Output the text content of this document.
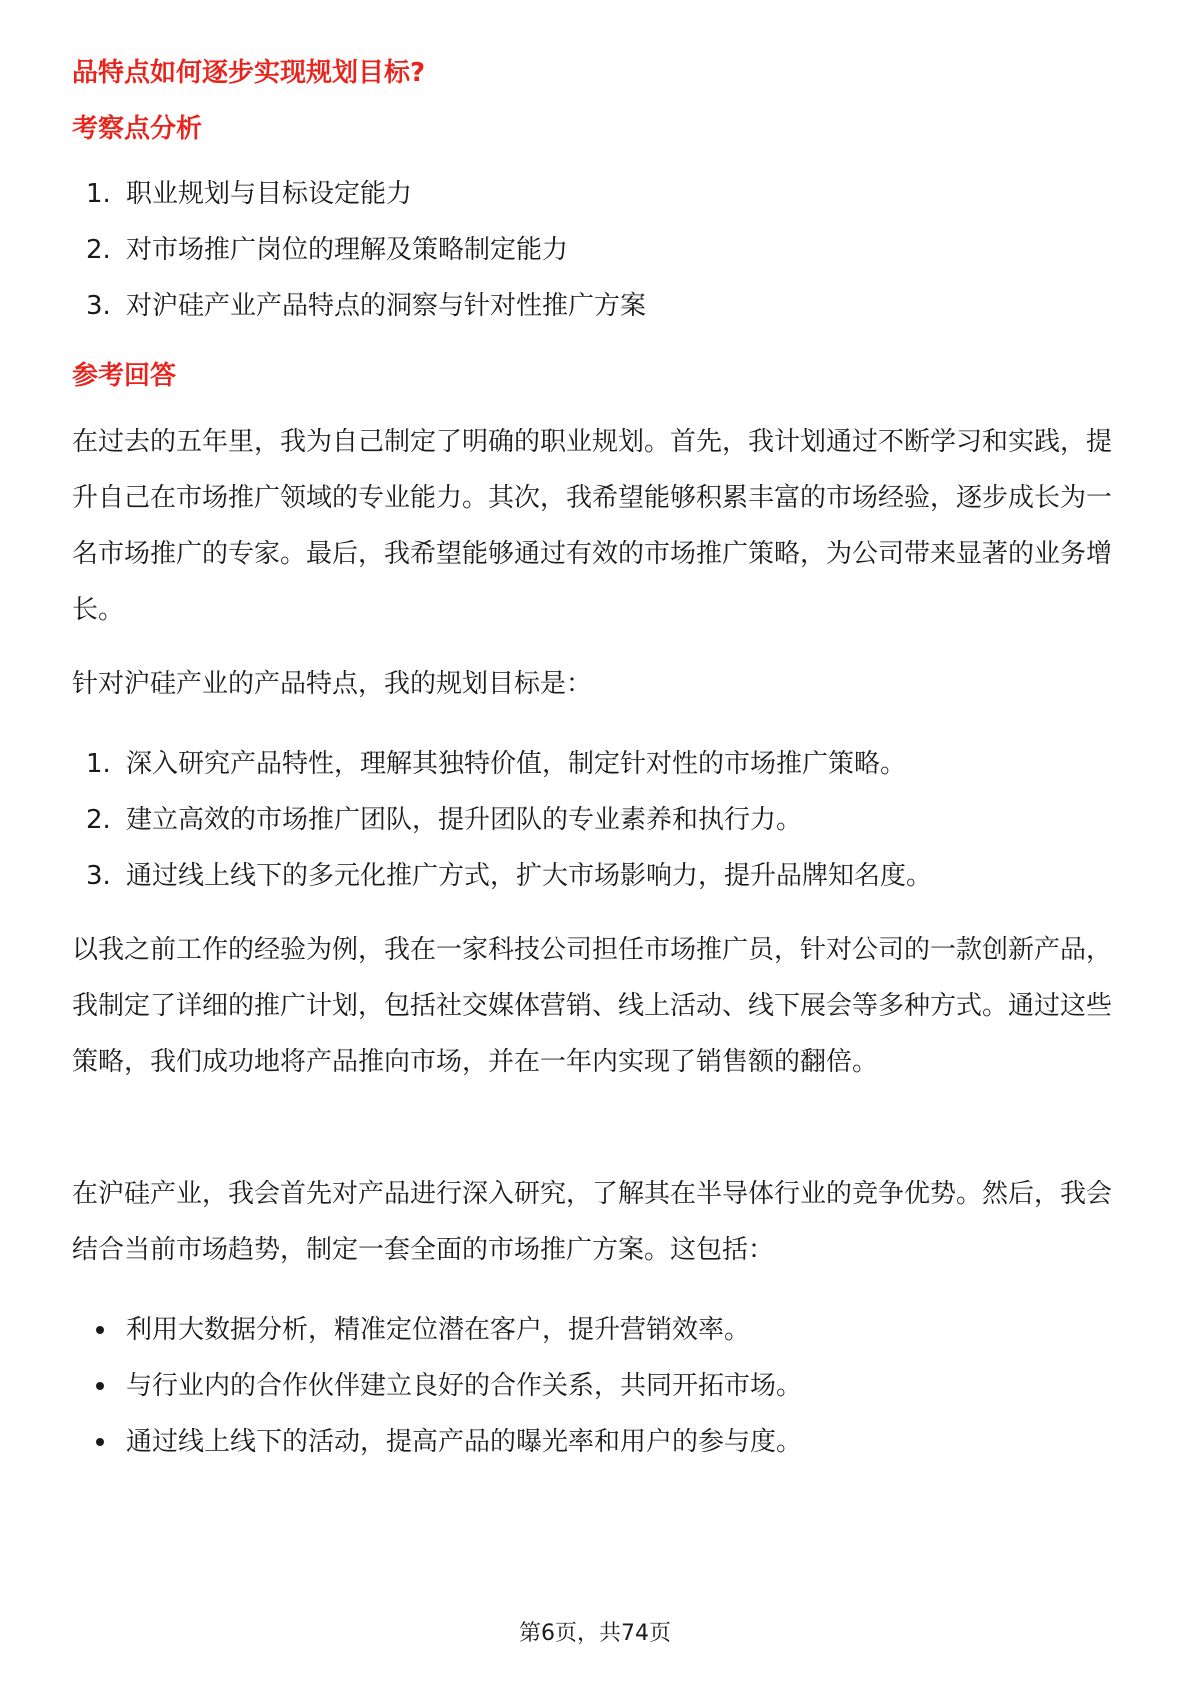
品特点如何逐步实现规划目标?
考察点分析
1. 职业规划与目标设定能力
2. 对市场推广岗位的理解及策略制定能力
3. 对沪硅产业产品特点的洞察与针对性推广方案
参考回答

在过去的五年里，我为自己制定了明确的职业规划。首先，我计划通过不断学习和实践，提升自己在市场推广领域的专业能力。其次，我希望能够积累丰富的市场经验，逐步成长为一名市场推广的专家。最后，我希望能够通过有效的市场推广策略，为公司带来显著的业务增长。

针对沪硅产业的产品特点，我的规划目标是：

1. 深入研究产品特性，理解其独特价值，制定针对性的市场推广策略。
2. 建立高效的市场推广团队，提升团队的专业素养和执行力。
3. 通过线上线下的多元化推广方式，扩大市场影响力，提升品牌知名度。

以我之前工作的经验为例，我在一家科技公司担任市场推广员，针对公司的一款创新产品，我制定了详细的推广计划，包括社交媒体营销、线上活动、线下展会等多种方式。通过这些策略，我们成功地将产品推向市场，并在一年内实现了销售额的翻倍。

在沪硅产业，我会首先对产品进行深入研究，了解其在半导体行业的竞争优势。然后，我会结合当前市场趋势，制定一套全面的市场推广方案。这包括：

利用大数据分析，精准定位潜在客户，提升营销效率。
与行业内的合作伙伴建立良好的合作关系，共同开拓市场。
通过线上线下的活动，提高产品的曝光率和用户的参与度。
第6页，共74页
